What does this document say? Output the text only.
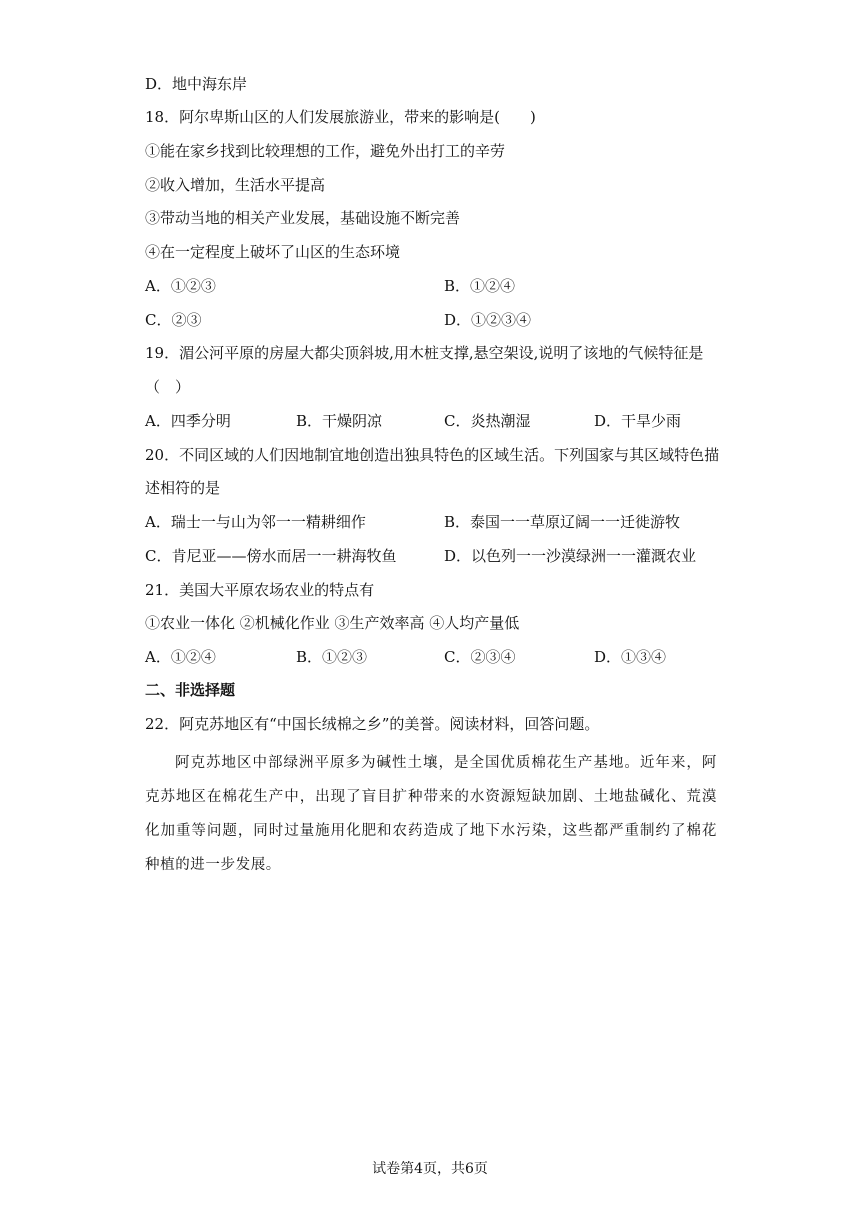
D．地中海东岸
18．阿尔卑斯山区的人们发展旅游业，带来的影响是(　　)
①能在家乡找到比较理想的工作，避免外出打工的辛劳
②收入增加，生活水平提高
③带动当地的相关产业发展，基础设施不断完善
④在一定程度上破坏了山区的生态环境
A．①②③	B．①②④
C．②③	D．①②③④
19．湄公河平原的房屋大都尖顶斜坡,用木桩支撑,悬空架设,说明了该地的气候特征是
（　）
A．四季分明	B．干燥阴凉	C．炎热潮湿	D．干旱少雨
20．不同区域的人们因地制宜地创造出独具特色的区域生活。下列国家与其区域特色描
述相符的是
A．瑞士一与山为邻一一精耕细作	B．泰国一一草原辽阔一一迁徙游牧
C．肯尼亚——傍水而居一一耕海牧鱼	D．以色列一一沙漠绿洲一一灌溉农业
21．美国大平原农场农业的特点有
①农业一体化 ②机械化作业 ③生产效率高 ④人均产量低
A．①②④	B．①②③	C．②③④	D．①③④
二、非选择题
22．阿克苏地区有“中国长绒棉之乡”的美誉。阅读材料，回答问题。
阿克苏地区中部绿洲平原多为碱性土壤，是全国优质棉花生产基地。近年来，阿克苏地区在棉花生产中，出现了盲目扩种带来的水资源短缺加剧、土地盐碱化、荒漠化加重等问题，同时过量施用化肥和农药造成了地下水污染，这些都严重制约了棉花种植的进一步发展。
试卷第4页，共6页
